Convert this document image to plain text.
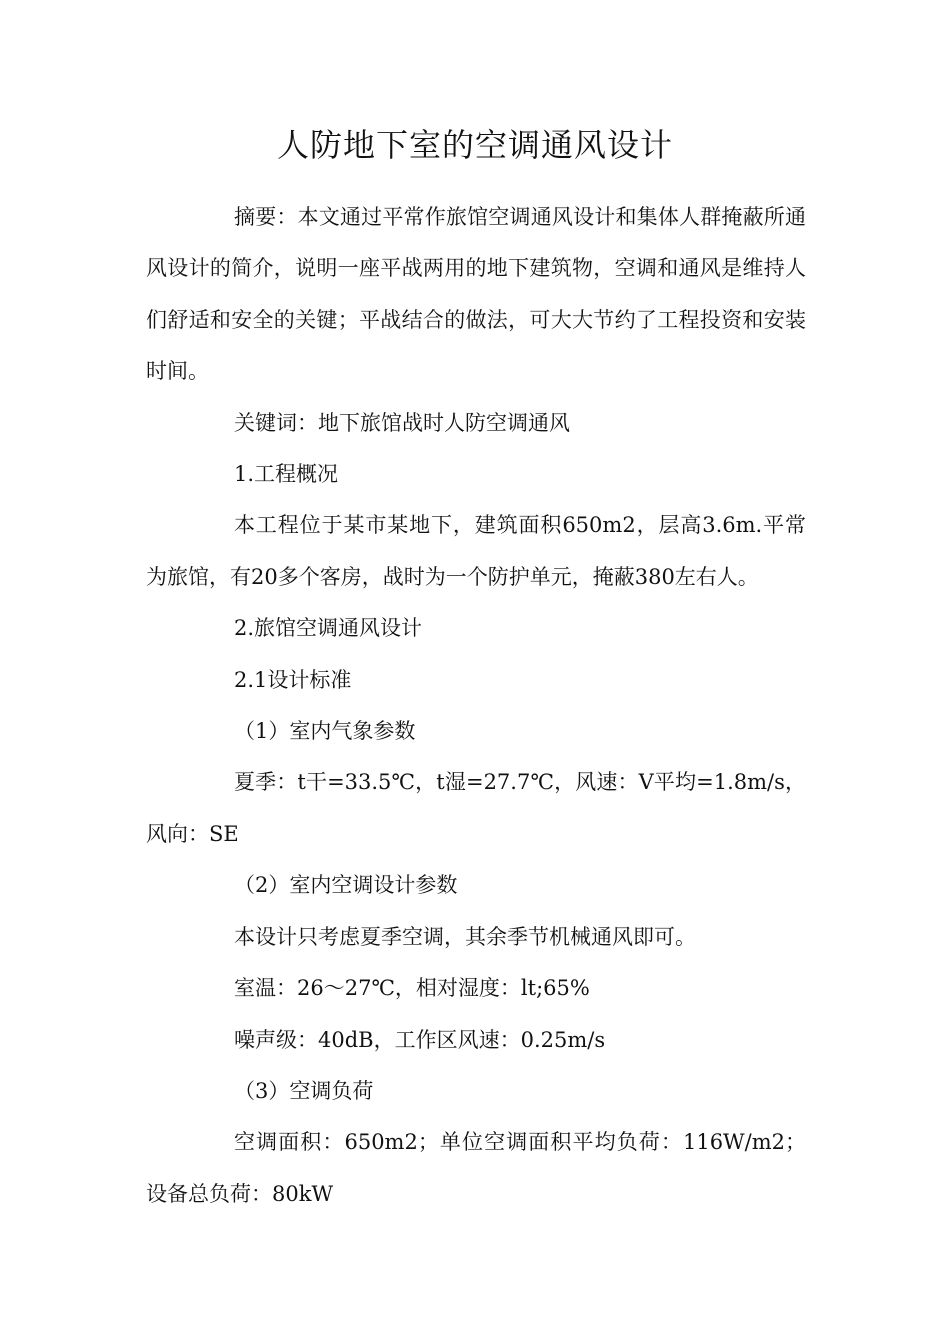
人防地下室的空调通风设计

摘要：本文通过平常作旅馆空调通风设计和集体人群掩蔽所通风设计的简介，说明一座平战两用的地下建筑物，空调和通风是维持人们舒适和安全的关键；平战结合的做法，可大大节约了工程投资和安装时间。

关键词：地下旅馆战时人防空调通风

1.工程概况

本工程位于某市某地下，建筑面积650m2，层高3.6m.平常为旅馆，有20多个客房，战时为一个防护单元，掩蔽380左右人。

2.旅馆空调通风设计

2.1设计标准

（1）室内气象参数

夏季：t干=33.5℃，t湿=27.7℃，风速：V平均=1.8m/s，风向：SE

（2）室内空调设计参数

本设计只考虑夏季空调，其余季节机械通风即可。

室温：26～27℃，相对湿度：lt;65%

噪声级：40dB，工作区风速：0.25m/s

（3）空调负荷

空调面积：650m2；单位空调面积平均负荷：116W/m2；设备总负荷：80kW
